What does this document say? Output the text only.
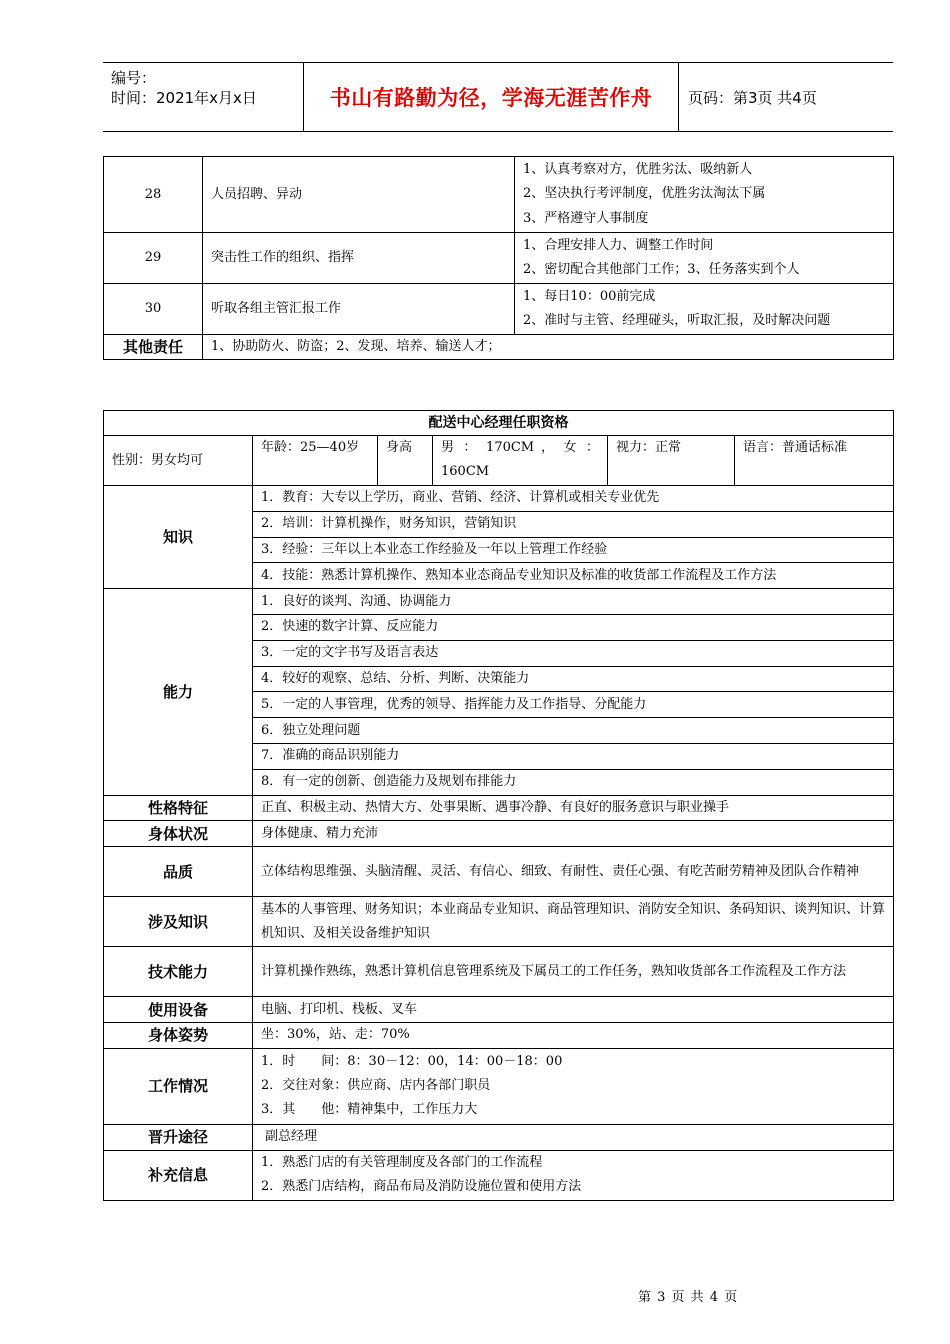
编号：
时间：2021年x月x日	书山有路勤为径，学海无涯苦作舟 页码：第3页 共4页
28	人员招聘、异动	1、认真考察对方，优胜劣汰、吸纳新人
2、坚决执行考评制度，优胜劣汰淘汰下属
3、严格遵守人事制度

29	突击性工作的组织、指挥	1、合理安排人力、调整工作时间
2、密切配合其他部门工作；3、任务落实到个人

30	听取各组主管汇报工作	1、每日10：00前完成
2、准时与主管、经理碰头，听取汇报，及时解决问题

其他责任	1、协助防火、防盗；2、发现、培养、输送人才；	
配送中心经理任职资格					
性别：男女均可	年龄：25—40岁	身高	男 ： 170CM ， 女 ： 160CM	视力：正常	语言：普通话标准
知识	1．教育：大专以上学历，商业、营销、经济、计算机或相关专业优先				
	2．培训：计算机操作，财务知识，营销知识				
	3．经验：三年以上本业态工作经验及一年以上管理工作经验				
	4．技能：熟悉计算机操作、熟知本业态商品专业知识及标准的收货部工作流程及工作方法				
能力	1．良好的谈判、沟通、协调能力				
	2．快速的数字计算、反应能力				
	3．一定的文字书写及语言表达				
	4．较好的观察、总结、分析、判断、决策能力				
	5．一定的人事管理，优秀的领导、指挥能力及工作指导、分配能力				
	6．独立处理问题				
	7．准确的商品识别能力				
	8．有一定的创新、创造能力及规划布排能力				
性格特征	正直、积极主动、热情大方、处事果断、遇事冷静、有良好的服务意识与职业操手				
身体状况	身体健康、精力充沛				
品质	立体结构思维强、头脑清醒、灵活、有信心、细致、有耐性、责任心强、有吃苦耐劳精神及团队合作精神				
涉及知识	基本的人事管理、财务知识；本业商品专业知识、商品管理知识、消防安全知识、条码知识、谈判知识、计算机知识、及相关设备维护知识				
技术能力	计算机操作熟练，熟悉计算机信息管理系统及下属员工的工作任务，熟知收货部各工作流程及工作方法				
使用设备	电脑、打印机、栈板、叉车				
身体姿势	坐：30%，站、走：70%				
工作情况	1．时　　间：8：30－12：00，14：00－18：00
2．交往对象：供应商、店内各部门职员
3．其　　他：精神集中，工作压力大				

晋升途径	副总经理				
补充信息	1．熟悉门店的有关管理制度及各部门的工作流程
2．熟悉门店结构，商品布局及消防设施位置和使用方法				
第 3 页 共 4 页
